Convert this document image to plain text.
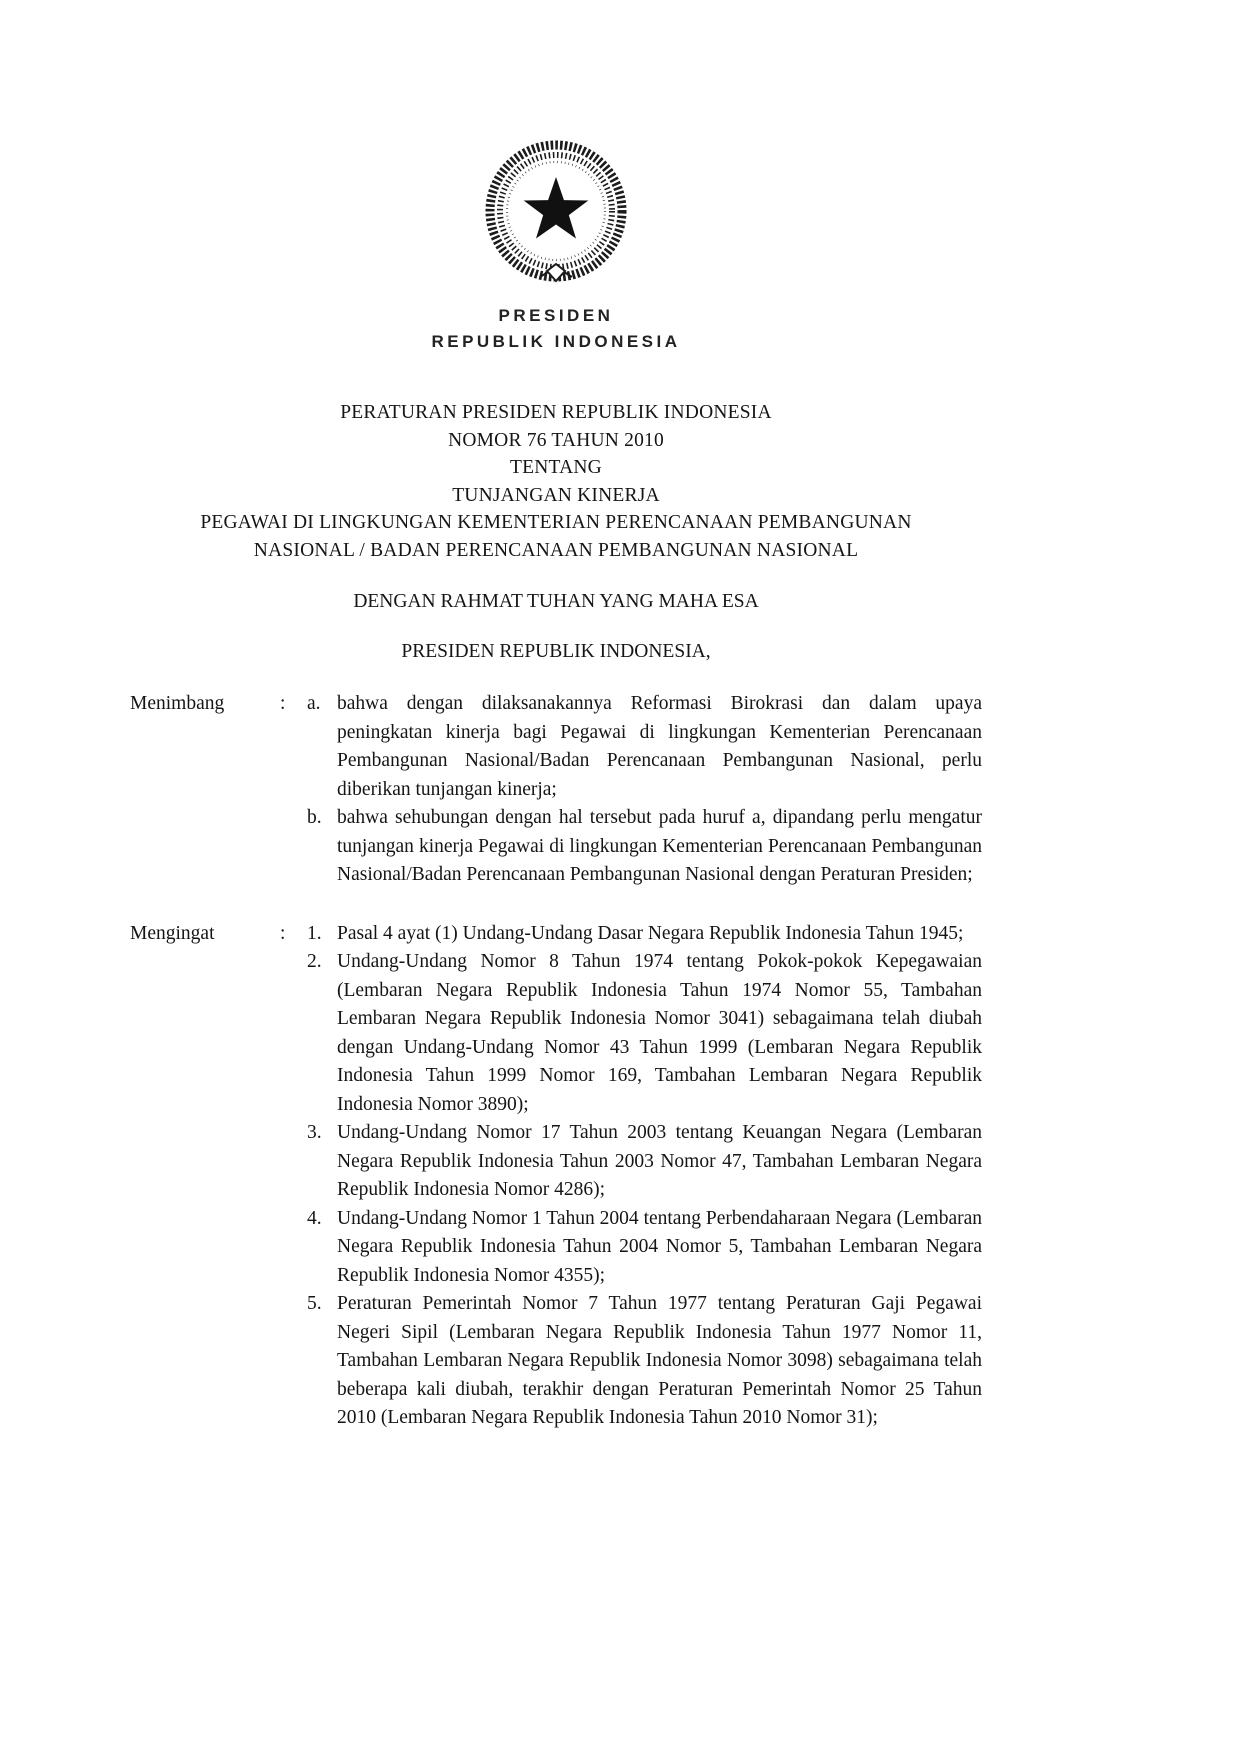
PRESIDEN
REPUBLIK INDONESIA
PERATURAN PRESIDEN REPUBLIK INDONESIA
NOMOR 76 TAHUN 2010
TENTANG
TUNJANGAN KINERJA
PEGAWAI DI LINGKUNGAN KEMENTERIAN PERENCANAAN PEMBANGUNAN
NASIONAL / BADAN PERENCANAAN PEMBANGUNAN NASIONAL
DENGAN RAHMAT TUHAN YANG MAHA ESA
PRESIDEN REPUBLIK INDONESIA,
Menimbang	:	a. bahwa dengan dilaksanakannya Reformasi Birokrasi dan dalam upaya peningkatan kinerja bagi Pegawai di lingkungan Kementerian Perencanaan Pembangunan Nasional/Badan Perencanaan Pembangunan Nasional, perlu diberikan tunjangan kinerja;
b. bahwa sehubungan dengan hal tersebut pada huruf a, dipandang perlu mengatur tunjangan kinerja Pegawai di lingkungan Kementerian Perencanaan Pembangunan Nasional/Badan Perencanaan Pembangunan Nasional dengan Peraturan Presiden;
Mengingat	:	1. Pasal 4 ayat (1) Undang-Undang Dasar Negara Republik Indonesia Tahun 1945;
2. Undang-Undang Nomor 8 Tahun 1974 tentang Pokok-pokok Kepegawaian (Lembaran Negara Republik Indonesia Tahun 1974 Nomor 55, Tambahan Lembaran Negara Republik Indonesia Nomor 3041) sebagaimana telah diubah dengan Undang-Undang Nomor 43 Tahun 1999 (Lembaran Negara Republik Indonesia Tahun 1999 Nomor 169, Tambahan Lembaran Negara Republik Indonesia Nomor 3890);
3. Undang-Undang Nomor 17 Tahun 2003 tentang Keuangan Negara (Lembaran Negara Republik Indonesia Tahun 2003 Nomor 47, Tambahan Lembaran Negara Republik Indonesia Nomor 4286);
4. Undang-Undang Nomor 1 Tahun 2004 tentang Perbendaharaan Negara (Lembaran Negara Republik Indonesia Tahun 2004 Nomor 5, Tambahan Lembaran Negara Republik Indonesia Nomor 4355);
5. Peraturan Pemerintah Nomor 7 Tahun 1977 tentang Peraturan Gaji Pegawai Negeri Sipil (Lembaran Negara Republik Indonesia Tahun 1977 Nomor 11, Tambahan Lembaran Negara Republik Indonesia Nomor 3098) sebagaimana telah beberapa kali diubah, terakhir dengan Peraturan Pemerintah Nomor 25 Tahun 2010 (Lembaran Negara Republik Indonesia Tahun 2010 Nomor 31);
